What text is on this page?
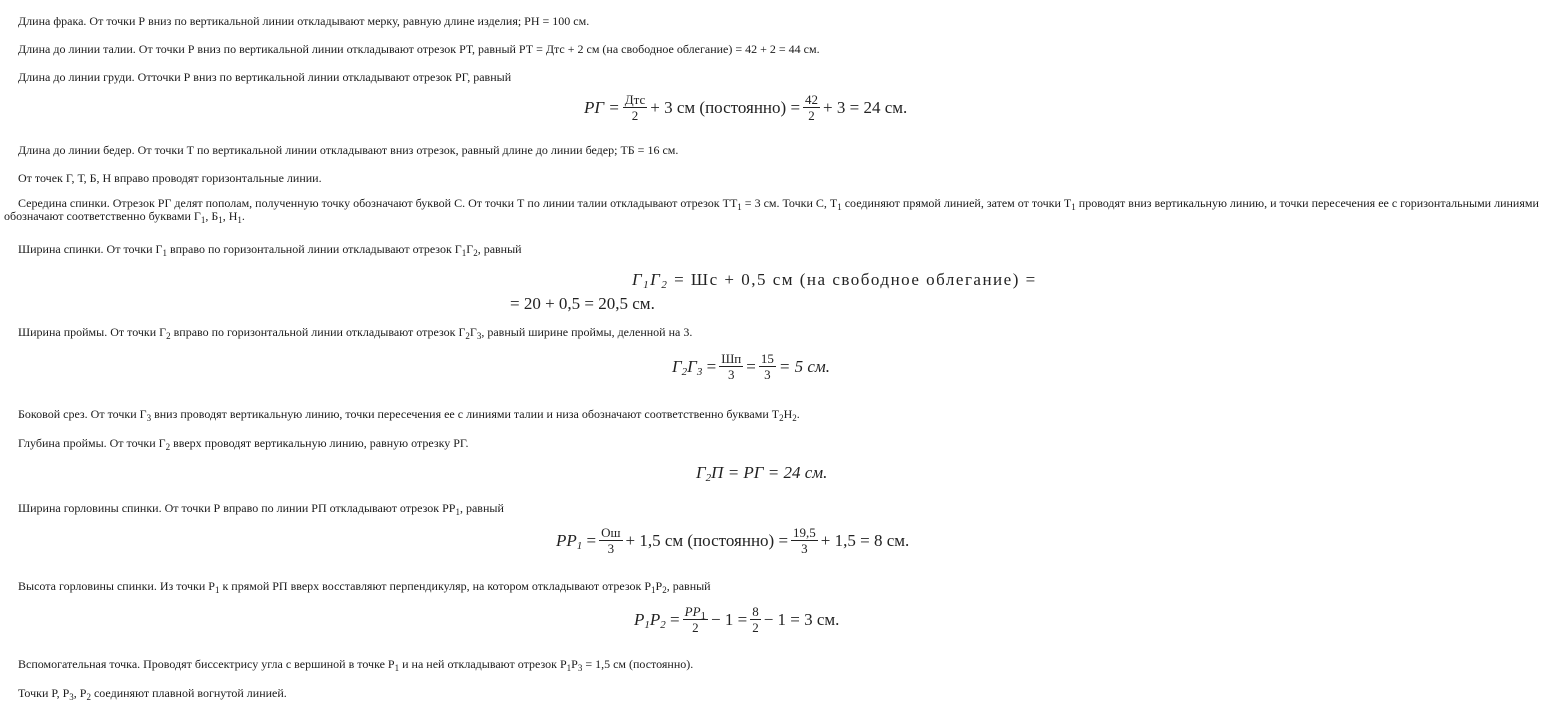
Длина фрака. От точки Р вниз по вертикальной линии откладывают мерку, равную длине изделия; РН = 100 см.

Длина до линии талии. От точки Р вниз по вертикальной линии откладывают отрезок РТ, равный РТ = Дтс + 2 см (на свободное облегание) = 42 + 2 = 44 см.

Длина до линии груди. Отточки Р вниз по вертикальной линии откладывают отрезок РГ, равный

РГ = Дтс
2 + 3 см (постоянно) = $\frac{42}{2} + 3 = 24$ см.

Длина до линии бедер. От точки Т по вертикальной линии откладывают вниз отрезок, равный длине до линии бедер; ТБ = 16 см.

От точек Г, Т, Б, Н вправо проводят горизонтальные линии.

Середина спинки. Отрезок РГ делят пополам, полученную точку обозначают буквой С. От точки Т по линии талии откладывают отрезок $ТТ_1 = 3$ см. Точки С, $Т_1$ соединяют прямой линией, затем от точки $Т_1$ проводят вниз вертикальную линию, и точки пересечения ее с горизонтальными линиями обозначают соответственно буквами $Г_1$, $Б_1$, $Н_1$.

Ширина спинки. От точки $Г_1$ вправо по горизонтальной линии откладывают отрезок $Г_1Г_2$, равный

$Г_1Г_2$
= Шс + 0,5 см (на свободное облегание) =
= 20 + 0,5 = 20,5 см.

Ширина проймы. От точки $Г_2$ вправо по горизонтальной линии откладывают отрезок $Г_2Г_3$, равный ширине проймы, деленной на 3.

$Г_2Г_3$
= Шп
$3 = \frac{15}{3} = 5$ см.

Боковой срез. От точки $Г_3$ вниз проводят вертикальную линию, точки пересечения ее с линиями талии и низа обозначают соответственно буквами $Т_2Н_2$.

Глубина проймы. От точки $Г_2$ вверх проводят вертикальную линию, равную отрезку РГ.

$Г_2П$ = РГ = 24 см.

Ширина горловины спинки. От точки Р вправо по линии РП откладывают отрезок $РР_1$, равный

$РР_1$
= Ош
3 + 1,5 см (постоянно) = $\frac{19,5}{3} + 1,5 = 8$ см.

Высота горловины спинки. Из точки $Р_1$ к прямой РП вверх восставляют перпендикуляр, на котором откладывают отрезок $Р_1Р_2$, равный

$Р_1Р_2$
= $РР_1$
$2 - 1 = \frac{8}{2} - 1 = 3$ см.

Вспомогательная точка. Проводят биссектрису угла с вершиной в точке $Р_1$ и на ней откладывают отрезок $Р_1Р_3 = 1,5$ см (постоянно).

Точки Р, $Р_3$, $Р_2$ соединяют плавной вогнутой линией.
